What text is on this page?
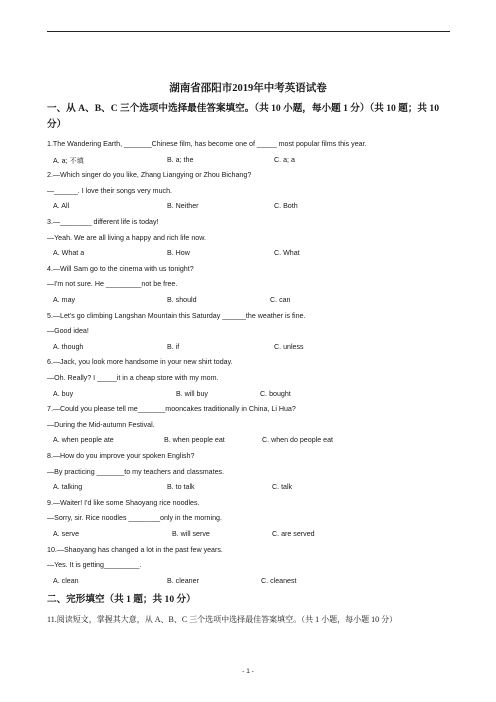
湖南省邵阳市2019年中考英语试卷
一、从 A、B、C 三个选项中选择最佳答案填空。（共 10 小题，每小题 1 分）（共 10 题；共 10 分）
1.The Wandering Earth, _______Chinese film, has become one of _____ most popular films this year.
A. a; 不填	B. a; the	C. a; a
2.—Which singer do you like, Zhang Liangying or Zhou Bichang?
—______. I love their songs very much.
A. All	B. Neither	C. Both
3.—________ different life is today!
—Yeah. We are all living a happy and rich life now.
A. What a	B. How	C. What
4.—Will Sam go to the cinema with us tonight?
—I'm not sure. He _________not be free.
A. may	B. should	C. can
5.—Let's go climbing Langshan Mountain this Saturday ______the weather is fine.
—Good idea!
A. though	B. if	C. unless
6.—Jack, you look more handsome in your new shirt today.
—Oh. Really? I _____it in a cheap store with my mom.
A. buy	B. will buy	C. bought
7.—Could you please tell me_______mooncakes traditionally in China, Li Hua?
—During the Mid-autumn Festival.
A. when people ate	B. when people eat	C. when do people eat
8.—How do you improve your spoken English?
—By practicing _______to my teachers and classmates.
A. talking	B. to talk	C. talk
9.—Waiter! I'd like some Shaoyang rice noodles.
—Sorry, sir. Rice noodles ________only in the morning.
A. serve	B. will serve	C. are served
10.—Shaoyang has changed a lot in the past few years.
—Yes. It is getting_________.
A. clean	B. cleaner	C. cleanest
二、完形填空（共 1 题；共 10 分）
11.阅读短文，掌握其大意，从 A、B、C 三个选项中选择最佳答案填空。（共 1 小题，每小题 10 分）
- 1 -
